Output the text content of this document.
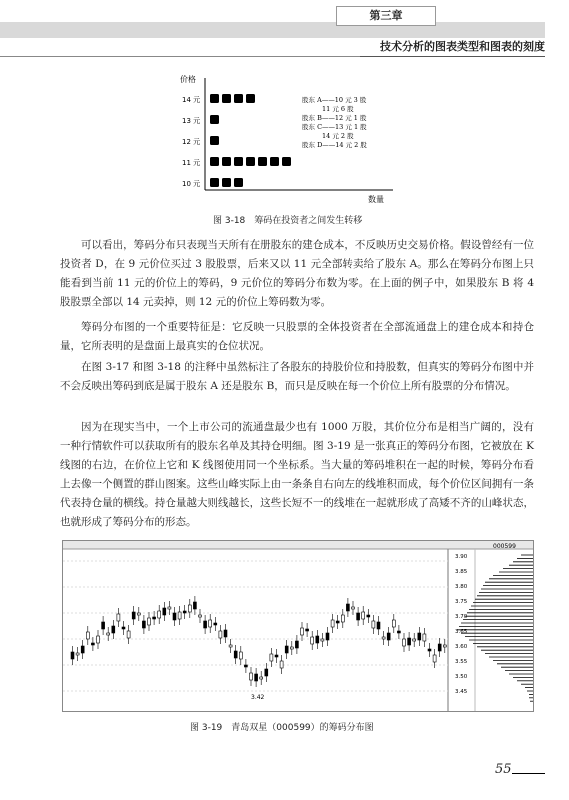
第三章
技术分析的图表类型和图表的刻度
价格
数量
14 元
13 元
12 元
11 元
10 元
股东 A——10 元 3 股
11 元 6 股
股东 B——12 元 1 股
股东 C——13 元 1 股
14 元 2 股
股东 D——14 元 2 股
图 3-18　筹码在投资者之间发生转移

可以看出，筹码分布只表现当天所有在册股东的建仓成本，不反映历史交易价格。假设曾经有一位投资者 D，在 9 元价位买过 3 股股票，后来又以 11 元全部转卖给了股东 A。那么在筹码分布图上只能看到当前 11 元的价位上的筹码，9 元价位的筹码分布数为零。在上面的例子中，如果股东 B 将 4 股股票全部以 14 元卖掉，则 12 元的价位上筹码数为零。

筹码分布图的一个重要特征是：它反映一只股票的全体投资者在全部流通盘上的建仓成本和持仓量，它所表明的是盘面上最真实的仓位状况。

在图 3-17 和图 3-18 的注释中虽然标注了各股东的持股价位和持股数，但真实的筹码分布图中并不会反映出筹码到底是属于股东 A 还是股东 B，而只是反映在每一个价位上所有股票的分布情况。

因为在现实当中，一个上市公司的流通盘最少也有 1000 万股，其价位分布是相当广阔的，没有一种行情软件可以获取所有的股东名单及其持仓明细。图 3-19 是一张真正的筹码分布图，它被放在 K 线图的右边，在价位上它和 K 线图使用同一个坐标系。当大量的筹码堆积在一起的时候，筹码分布看上去像一个侧置的群山图案。这些山峰实际上由一条条自右向左的线堆积而成，每个价位区间拥有一条代表持仓量的横线。持仓量越大则线越长，这些长短不一的线堆在一起就形成了高矮不齐的山峰状态，也就形成了筹码分布的形态。

000599
3.90
3.85
3.80
3.75
3.70
3.65
3.60
3.55
3.50
3.45
3.42
图 3-19　青岛双星（000599）的筹码分布图
55
